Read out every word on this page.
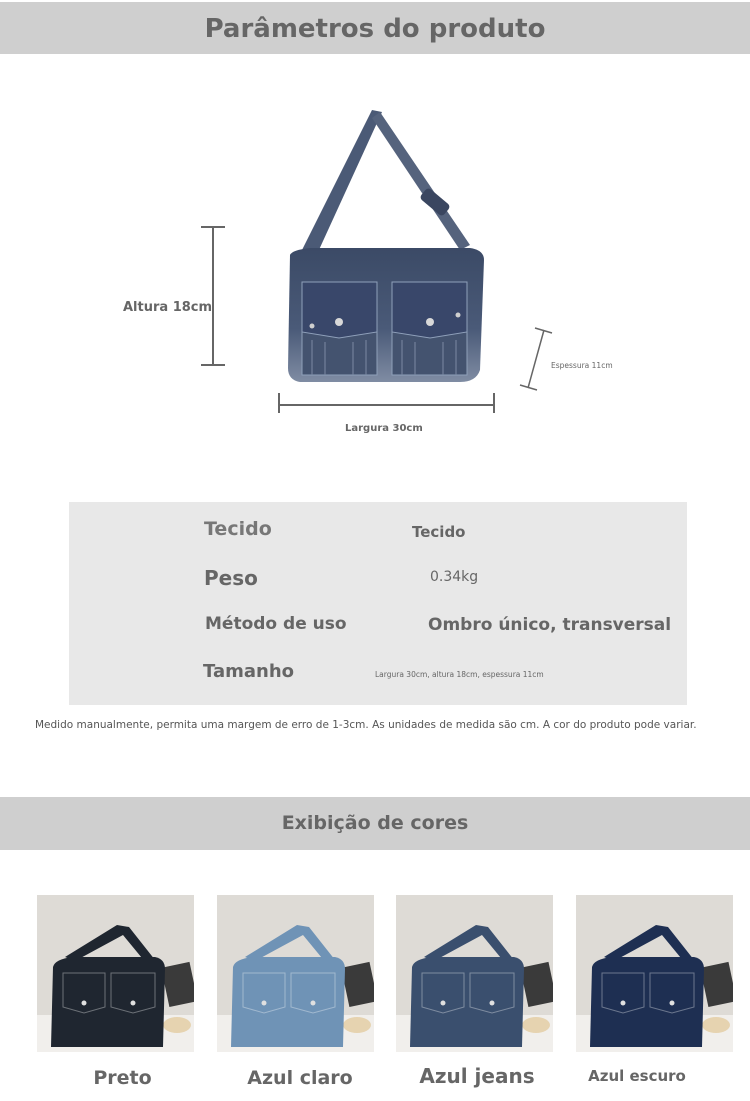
Parâmetros do produto
Altura 18cm
Largura 30cm
Espessura 11cm
Tecido	Tecido
Peso	0.34kg
Método de uso	Ombro único, transversal
Tamanho	Largura 30cm, altura 18cm, espessura 11cm
Medido manualmente, permita uma margem de erro de 1-3cm. As unidades de medida são cm. A cor do produto pode variar.
Exibição de cores
Preto	Azul claro	Azul jeans	Azul escuro
